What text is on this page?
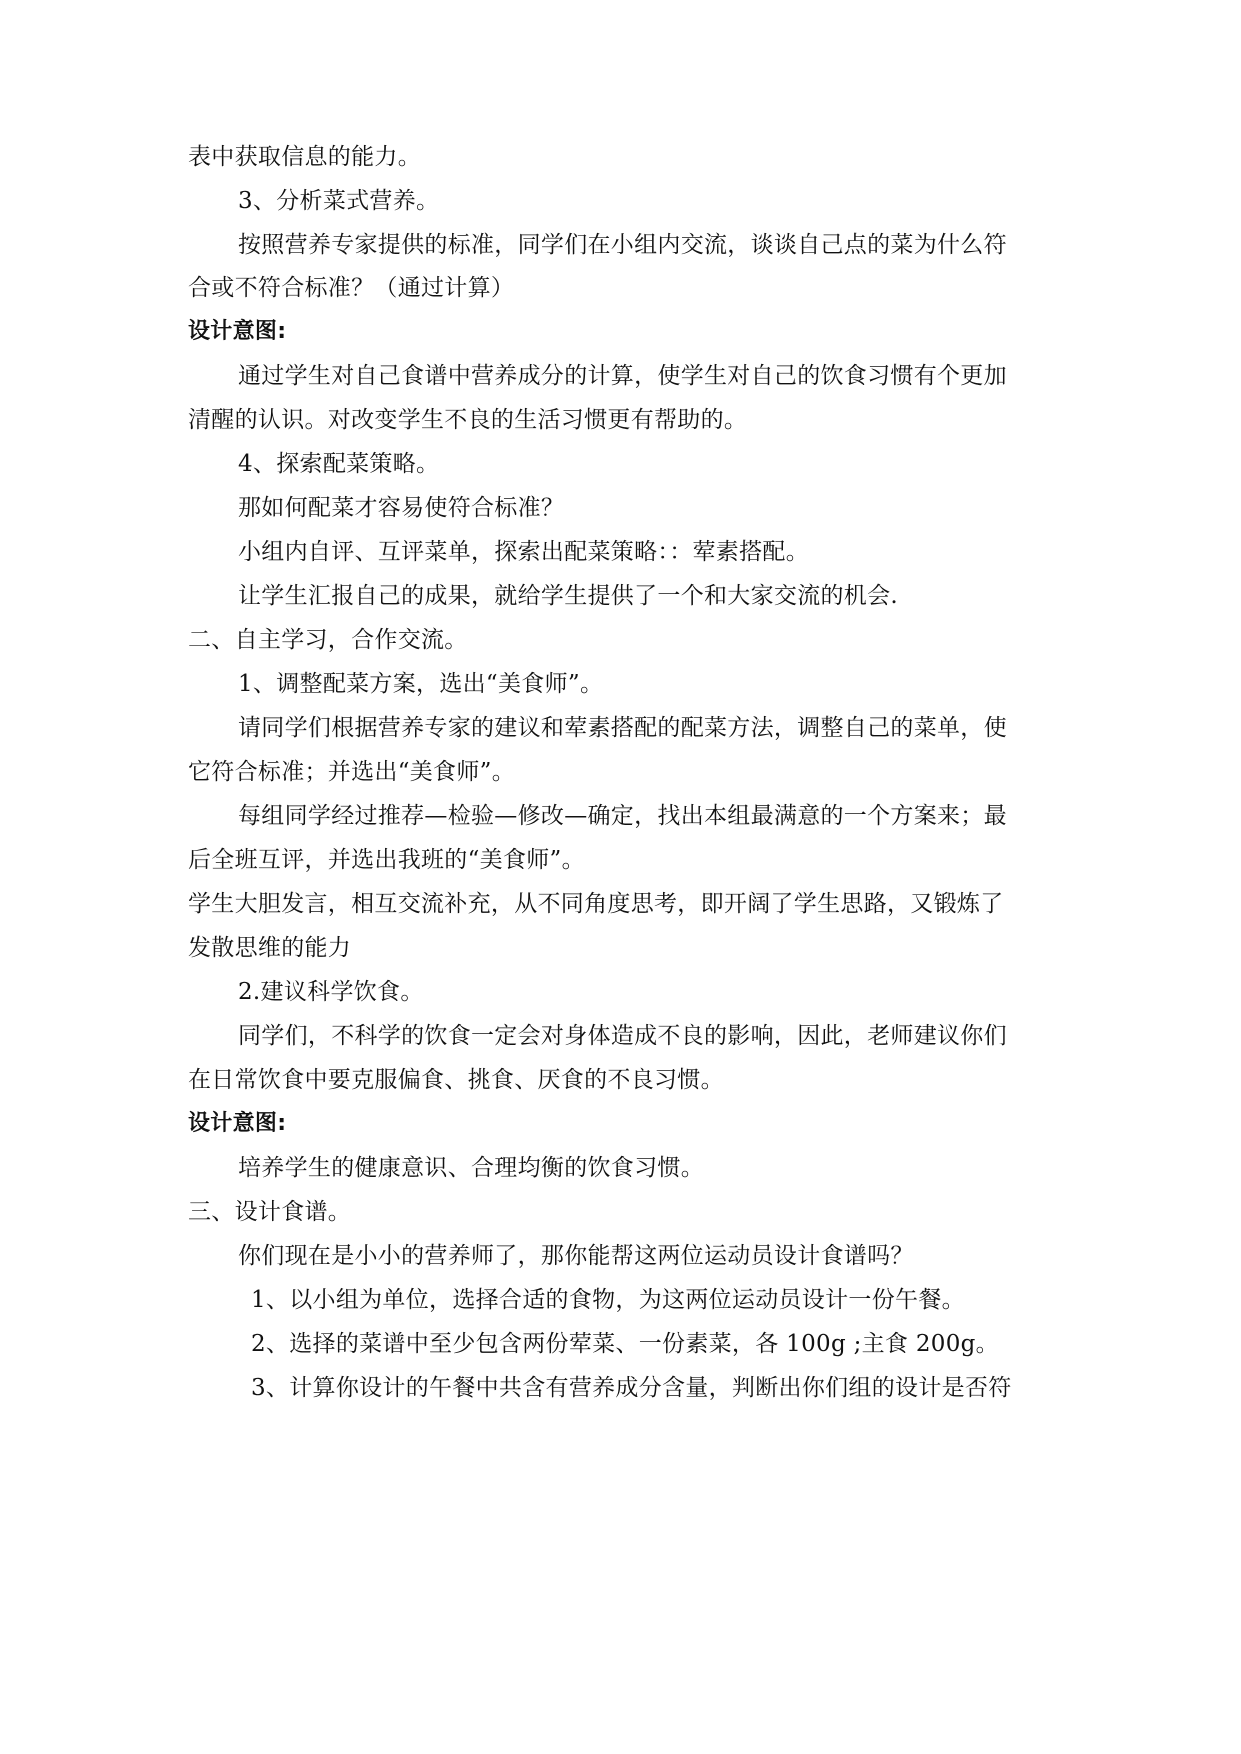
表中获取信息的能力。
3、分析菜式营养。
按照营养专家提供的标准，同学们在小组内交流，谈谈自己点的菜为什么符
合或不符合标准？（通过计算）
设计意图:
通过学生对自己食谱中营养成分的计算，使学生对自己的饮食习惯有个更加
清醒的认识。对改变学生不良的生活习惯更有帮助的。
4、探索配菜策略。
那如何配菜才容易使符合标准？
小组内自评、互评菜单，探索出配菜策略：：荤素搭配。
让学生汇报自己的成果，就给学生提供了一个和大家交流的机会.
二、自主学习，合作交流。
1、调整配菜方案，选出“美食师”。
请同学们根据营养专家的建议和荤素搭配的配菜方法，调整自己的菜单，使
它符合标准；并选出“美食师”。
每组同学经过推荐—检验—修改—确定，找出本组最满意的一个方案来；最
后全班互评，并选出我班的“美食师”。
学生大胆发言，相互交流补充，从不同角度思考，即开阔了学生思路，又锻炼了
发散思维的能力
2.建议科学饮食。
同学们，不科学的饮食一定会对身体造成不良的影响，因此，老师建议你们
在日常饮食中要克服偏食、挑食、厌食的不良习惯。
设计意图:
培养学生的健康意识、合理均衡的饮食习惯。
三、设计食谱。
你们现在是小小的营养师了，那你能帮这两位运动员设计食谱吗？
1、以小组为单位，选择合适的食物，为这两位运动员设计一份午餐。
2、选择的菜谱中至少包含两份荤菜、一份素菜，各 100g ;主食 200g。
3、计算你设计的午餐中共含有营养成分含量，判断出你们组的设计是否符
